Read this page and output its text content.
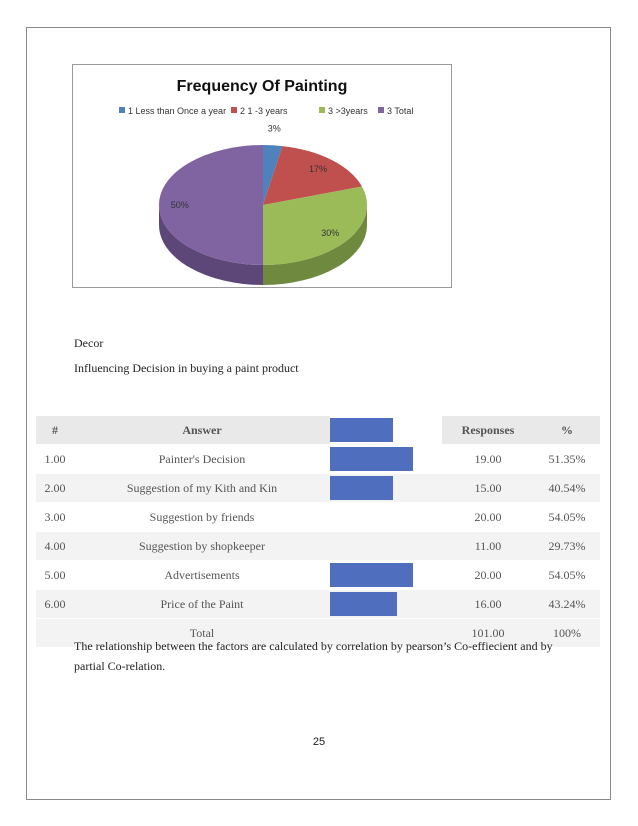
Frequency Of Painting
1 Less than Once a year 2 1 -3 years	3 >3years 3 Total
3%
17%
30%
50%
Decor
Influencing Decision in buying a paint product
#	Answer		Responses	%
1.00	Painter's Decision		19.00	51.35%
2.00	Suggestion of my Kith and Kin		15.00	40.54%
3.00	Suggestion by friends		20.00	54.05%
4.00	Suggestion by shopkeeper		11.00	29.73%
5.00	Advertisements		20.00	54.05%
6.00	Price of the Paint		16.00	43.24%
	Total		101.00	100%
The relationship between the factors are calculated by correlation by pearson’s Co-effiecient and by partial Co-relation.
25
